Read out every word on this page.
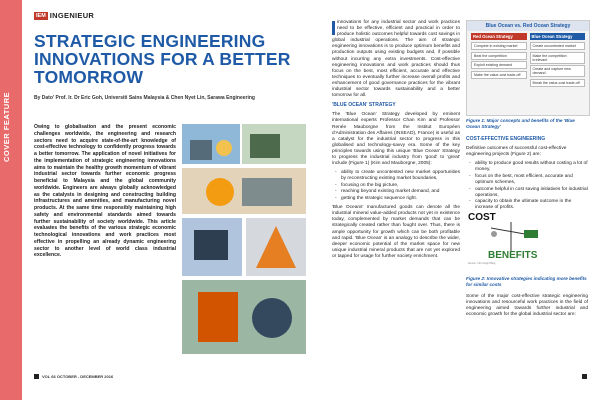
COVER FEATURE
IEM INGENIEUR
STRATEGIC ENGINEERING INNOVATIONS FOR A BETTER TOMORROW
By Dato' Prof. Ir. Dr Eric Goh, Universiti Sains Malaysia & Chen Nyet Lin, Sarawa Engineering
Owing to globalisation and the present economic challenges worldwide, the engineering and research sectors need to acquire state-of-the-art knowledge of cost-effective technology to confidently progress towards a better tomorrow. The application of novel initiatives for the implementation of strategic engineering innovations aims to maintain the healthy growth momentum of vibrant industrial sector towards further economic progress beneficial to Malaysia and the global community worldwide. Engineers are always globally acknowledged as the catalysts in designing and constructing building infrastructures and amenities, and manufacturing novel products. At the same time responsibly maintaining high safety and environmental standards aimed towards further sustainability of society worldwide. This article evaluates the benefits of the various strategic economic technological innovations and work practices most effective in propelling an already dynamic engineering sector to another level of world class industrial excellence.

innovations for any industrial sector and work practices need to be effective, efficient and practical in order to produce holistic outcomes helpful towards cost savings in global industrial operations. The aim of strategic engineering innovations is to produce optimum benefits and production outputs using existing budgets and, if possible without incurring any extra investments. Cost-effective engineering innovations and work practices should thus focus on the best, most efficient, accurate and effective techniques to eventually further increase overall profits and enhancement of good governance practices for the vibrant industrial sector towards sustainability and a better tomorrow for all.

'BLUE OCEAN' STRATEGY

The 'Blue Ocean' Strategy developed by eminent international experts Professor Chan Kim and Professor Renée Mauborgne from the Institut Européen d'Administration des Affaires (INSEAD), France) is useful as a catalyst for the industrial sector to progress in this globalised and technology-savvy era. Some of the key principles towards using this unique 'Blue Ocean' Strategy to progress the industrial industry from 'good' to 'great' include (Figure 1) (Kim and Mauborgne, 2005):

- ability to create uncontested new market opportunities by reconstructing existing market boundaries,
- focusing on the big picture,
- reaching beyond existing market demand, and
- getting the strategic sequence right.

'Blue Oceans' manufactured goods can denote all the industrial mineral value-added products not yet in existence today, complemented by market demands that can be strategically created rather than fought over. Thus, there is ample opportunity for growth which can be both profitable and rapid. 'Blue Ocean' is an analogy to describe the wider, deeper economic potential of the market space for new unique industrial mineral products that are not yet explored or tapped for usage for further society enrichment.

Blue Ocean vs. Red Ocean Strategy
Red Ocean Strategy
Compete in existing market
Beat the competition
Exploit existing demand
Make the value-cost trade-off
Blue Ocean Strategy
Create uncontested market
Make the competition irrelevant
Create and capture new demand
Break the value-cost trade-off
Figure 1: Major concepts and benefits of the 'Blue Ocean Strategy'
COST-EFFECTIVE ENGINEERING

Definitive outcomes of successful cost-effective engineering projects (Figure 2) are:

- ability to produce good results without costing a lot of money,
- focus on the best, most efficient, accurate and optimum schemes,
- outcome helpful in cost saving initiatives for industrial operations,
- capacity to obtain the ultimate outcome in the increase of profits.
COST
BENEFITS
Source: 123 Insight Blog
Figure 2: Innovative strategies indicating more benefits for similar costs
Some of the major cost-effective strategic engineering innovations and resourceful work practices in the field of engineering aimed towards further industrial and economic growth for the global industrial sector are:
VOL 66 OCTOBER - DECEMBER 2016
